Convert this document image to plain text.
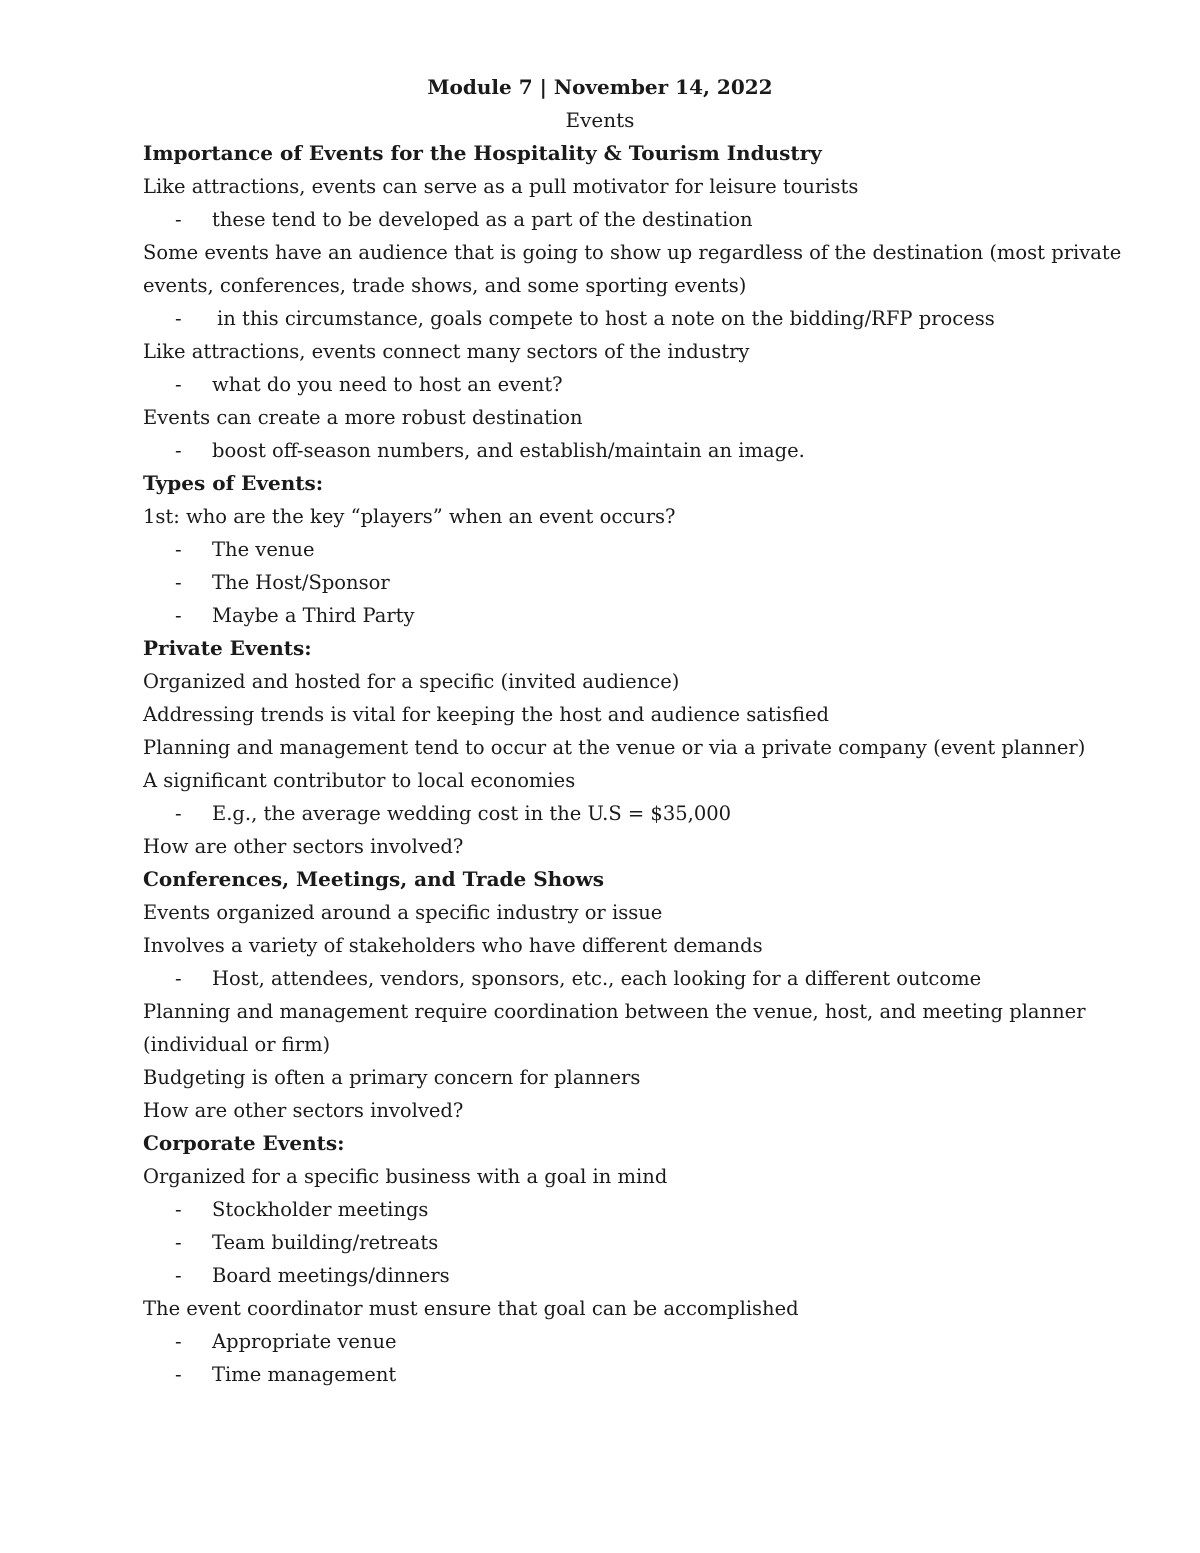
Module 7 | November 14, 2022

Events

Importance of Events for the Hospitality & Tourism Industry

Like attractions, events can serve as a pull motivator for leisure tourists

- these tend to be developed as a part of the destination

Some events have an audience that is going to show up regardless of the destination (most private

events, conferences, trade shows, and some sporting events)

- in this circumstance, goals compete to host a note on the bidding/RFP process

Like attractions, events connect many sectors of the industry

- what do you need to host an event?

Events can create a more robust destination

- boost off-season numbers, and establish/maintain an image.

Types of Events:

1st: who are the key “players” when an event occurs?

- The venue

- The Host/Sponsor

- Maybe a Third Party

Private Events:

Organized and hosted for a specific (invited audience)

Addressing trends is vital for keeping the host and audience satisfied

Planning and management tend to occur at the venue or via a private company (event planner)

A significant contributor to local economies

- E.g., the average wedding cost in the U.S = $35,000

How are other sectors involved?

Conferences, Meetings, and Trade Shows

Events organized around a specific industry or issue

Involves a variety of stakeholders who have different demands

- Host, attendees, vendors, sponsors, etc., each looking for a different outcome

Planning and management require coordination between the venue, host, and meeting planner

(individual or firm)

Budgeting is often a primary concern for planners

How are other sectors involved?

Corporate Events:

Organized for a specific business with a goal in mind

- Stockholder meetings

- Team building/retreats

- Board meetings/dinners

The event coordinator must ensure that goal can be accomplished

- Appropriate venue

- Time management
